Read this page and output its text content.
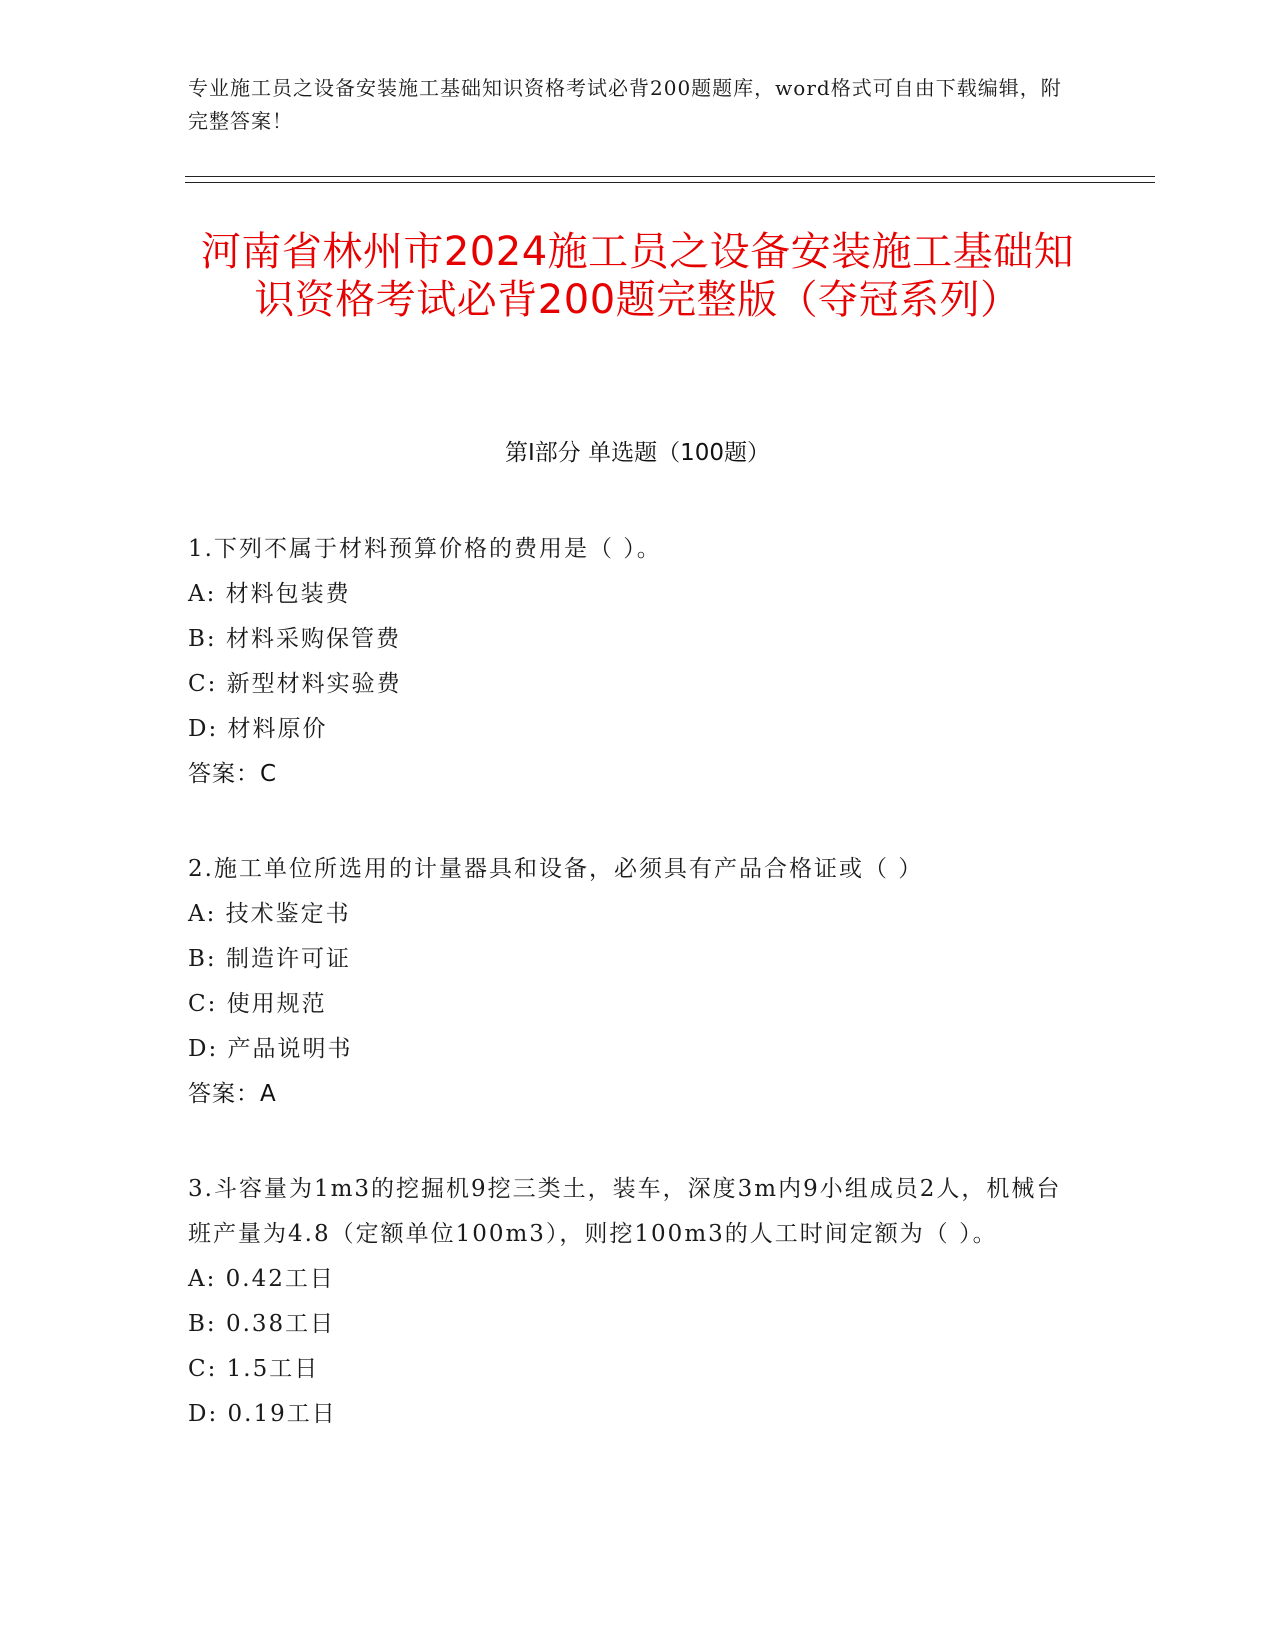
专业施工员之设备安装施工基础知识资格考试必背200题题库，word格式可自由下载编辑，附完整答案！
河南省林州市2024施工员之设备安装施工基础知识资格考试必背200题完整版（夺冠系列）
第Ⅰ部分 单选题（100题）

1.下列不属于材料预算价格的费用是（ ）。

A: 材料包装费

B: 材料采购保管费

C: 新型材料实验费

D: 材料原价

答案：C

2.施工单位所选用的计量器具和设备，必须具有产品合格证或（ ）

A: 技术鉴定书

B: 制造许可证

C: 使用规范

D: 产品说明书

答案：A

3.斗容量为1m3的挖掘机9挖三类土，装车，深度3m内9小组成员2人，机械台班产量为4.8（定额单位100m3），则挖100m3的人工时间定额为（ ）。

A: 0.42工日

B: 0.38工日

C: 1.5工日

D: 0.19工日
